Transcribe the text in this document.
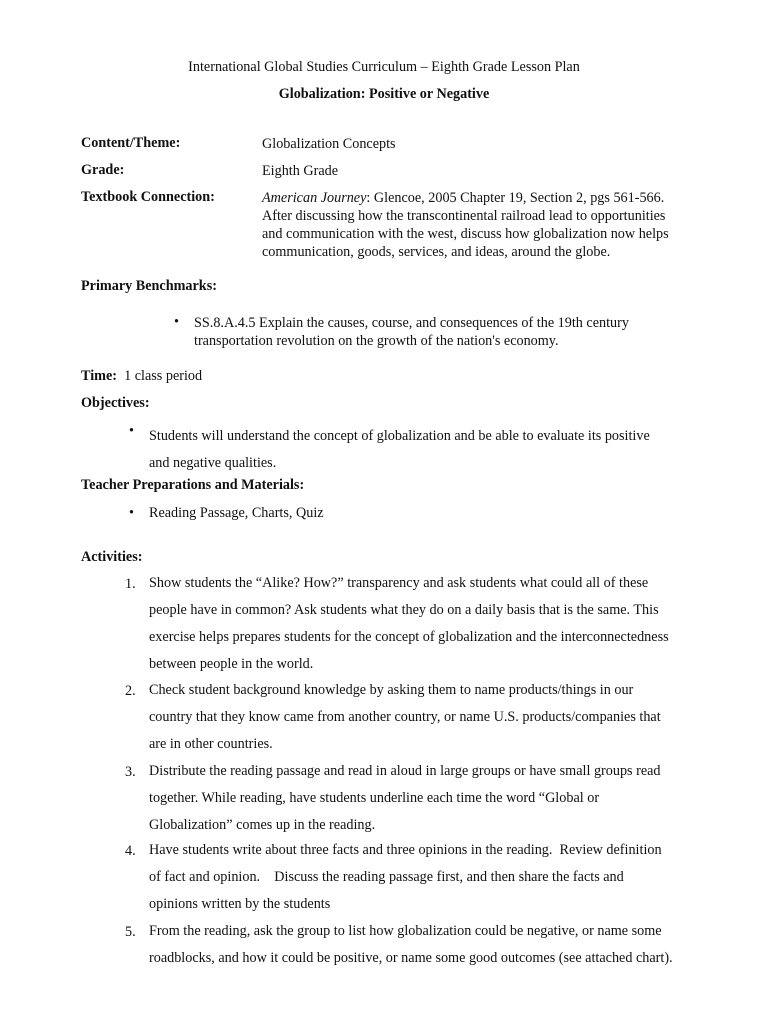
International Global Studies Curriculum – Eighth Grade Lesson Plan
Globalization: Positive or Negative
Content/Theme:	Globalization Concepts
Grade:	Eighth Grade
Textbook Connection:	American Journey: Glencoe, 2005 Chapter 19, Section 2, pgs 561-566.
After discussing how the transcontinental railroad lead to opportunities
and communication with the west, discuss how globalization now helps
communication, goods, services, and ideas, around the globe.
Primary Benchmarks:
• SS.8.A.4.5 Explain the causes, course, and consequences of the 19th century
transportation revolution on the growth of the nation's economy.
Time:  1 class period
Objectives:
• Students will understand the concept of globalization and be able to evaluate its positive
and negative qualities.
Teacher Preparations and Materials:
• Reading Passage, Charts, Quiz
Activities:
1. Show students the “Alike? How?” transparency and ask students what could all of these
people have in common? Ask students what they do on a daily basis that is the same. This
exercise helps prepares students for the concept of globalization and the interconnectedness
between people in the world.
2. Check student background knowledge by asking them to name products/things in our
country that they know came from another country, or name U.S. products/companies that
are in other countries.
3. Distribute the reading passage and read in aloud in large groups or have small groups read
together. While reading, have students underline each time the word “Global or
Globalization” comes up in the reading.
4. Have students write about three facts and three opinions in the reading.  Review definition
of fact and opinion.    Discuss the reading passage first, and then share the facts and
opinions written by the students
5. From the reading, ask the group to list how globalization could be negative, or name some
roadblocks, and how it could be positive, or name some good outcomes (see attached chart).
